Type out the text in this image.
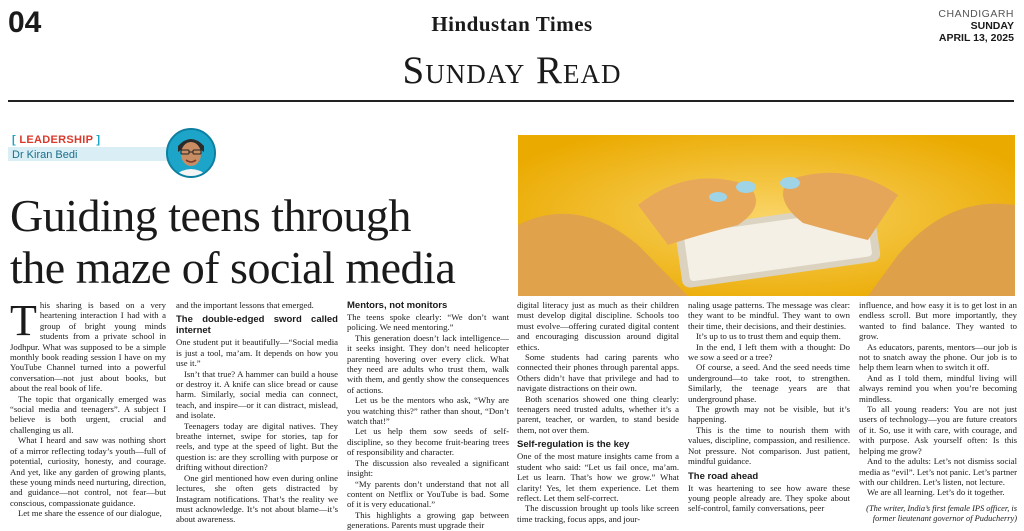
04	Hindustan Times
Sunday Read
CHANDIGARH
SUNDAY
APRIL 13, 2025
[ LEADERSHIP ]
Dr Kiran Bedi
Guiding teens through
the maze of social media

This sharing is based on a very heartening interaction I had with a group of bright young minds students from a private school in Jodhpur. What was supposed to be a simple monthly book reading session I have on my YouTube Channel turned into a powerful conversation—not just about books, but about the real book of life.

The topic that organically emerged was “social media and teenagers”. A subject I believe is both urgent, crucial and challenging us all.

What I heard and saw was nothing short of a mirror reflecting today’s youth—full of potential, curiosity, honesty, and courage. And yet, like any garden of growing plants, these young minds need nurturing, direction, and guidance—not control, not fear—but conscious, compassionate guidance.

Let me share the essence of our dialogue,

and the important lessons that emerged.

The double-edged sword called internet

One student put it beautifully—“Social media is just a tool, ma’am. It depends on how you use it.”

Isn’t that true? A hammer can build a house or destroy it. A knife can slice bread or cause harm. Similarly, social media can connect, teach, and inspire—or it can distract, mislead, and isolate.

Teenagers today are digital natives. They breathe internet, swipe for stories, tap for reels, and type at the speed of light. But the question is: are they scrolling with purpose or drifting without direction?

One girl mentioned how even during online lectures, she often gets distracted by Instagram notifications. That’s the reality we must acknowledge. It’s not about blame—it’s about awareness.

Mentors, not monitors

The teens spoke clearly: “We don’t want policing. We need mentoring.”

This generation doesn’t lack intelligence—it seeks insight. They don’t need helicopter parenting hovering over every click. What they need are adults who trust them, walk with them, and gently show the consequences of actions.

Let us be the mentors who ask, “Why are you watching this?” rather than shout, “Don’t watch that!”

Let us help them sow seeds of self-discipline, so they become fruit-bearing trees of responsibility and character.

The discussion also revealed a significant insight:

“My parents don’t understand that not all content on Netflix or YouTube is bad. Some of it is very educational.”

This highlights a growing gap between generations. Parents must upgrade their

digital literacy just as much as their children must develop digital discipline. Schools too must evolve—offering curated digital content and encouraging discussion around digital ethics.

Some students had caring parents who connected their phones through parental apps. Others didn’t have that privilege and had to navigate distractions on their own.

Both scenarios showed one thing clearly: teenagers need trusted adults, whether it’s a parent, teacher, or warden, to stand beside them, not over them.

Self-regulation is the key

One of the most mature insights came from a student who said: “Let us fail once, ma’am. Let us learn. That’s how we grow.” What clarity! Yes, let them experience. Let them reflect. Let them self-correct.

The discussion brought up tools like screen time tracking, focus apps, and jour-

naling usage patterns. The message was clear: they want to be mindful. They want to own their time, their decisions, and their destinies.

It’s up to us to trust them and equip them.

In the end, I left them with a thought: Do we sow a seed or a tree?

Of course, a seed. And the seed needs time underground—to take root, to strengthen. Similarly, the teenage years are that underground phase.

The growth may not be visible, but it’s happening.

This is the time to nourish them with values, discipline, compassion, and resilience. Not pressure. Not comparison. Just patient, mindful guidance.

The road ahead

It was heartening to see how aware these young people already are. They spoke about self-control, family conversations, peer

influence, and how easy it is to get lost in an endless scroll. But more importantly, they wanted to find balance. They wanted to grow.

As educators, parents, mentors—our job is not to snatch away the phone. Our job is to help them learn when to switch it off.

And as I told them, mindful living will always remind you when you’re becoming mindless.

To all young readers: You are not just users of technology—you are future creators of it. So, use it with care, with courage, and with purpose. Ask yourself often: Is this helping me grow?

And to the adults: Let’s not dismiss social media as “evil”. Let’s not panic. Let’s partner with our children. Let’s listen, not lecture.

We are all learning. Let’s do it together.

(The writer, India’s first female IPS officer, is former lieutenant governor of Puducherry)
